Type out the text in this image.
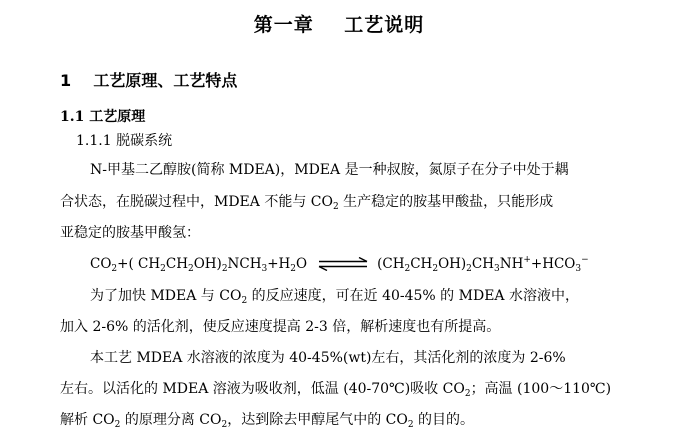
第一章    工艺说明
1 工艺原理、工艺特点
1.1 工艺原理
1.1.1 脱碳系统
N-甲基二乙醇胺(简称 MDEA)，MDEA 是一种叔胺，氮原子在分子中处于耦
合状态，在脱碳过程中，MDEA 不能与 $CO_2$ 生产稳定的胺基甲酸盐，只能形成
亚稳定的胺基甲酸氢：
$CO_2+$( $CH_2CH_2OH)_2NCH_3+H_2O$ ⇌ $(CH_2CH_2OH)_2CH_3NH^++HCO_3^-$
为了加快 MDEA 与 $CO_2$ 的反应速度，可在近 40-45% 的 MDEA 水溶液中，
加入 2-6% 的活化剂，使反应速度提高 2-3 倍，解析速度也有所提高。
本工艺 MDEA 水溶液的浓度为 40-45%(wt)左右，其活化剂的浓度为 2-6%
左右。以活化的 MDEA 溶液为吸收剂，低温 (40-70℃)吸收 $CO_2$；高温 (100～110℃)
解析 $CO_2$ 的原理分离 $CO_2$，达到除去甲醇尾气中的 $CO_2$ 的目的。
